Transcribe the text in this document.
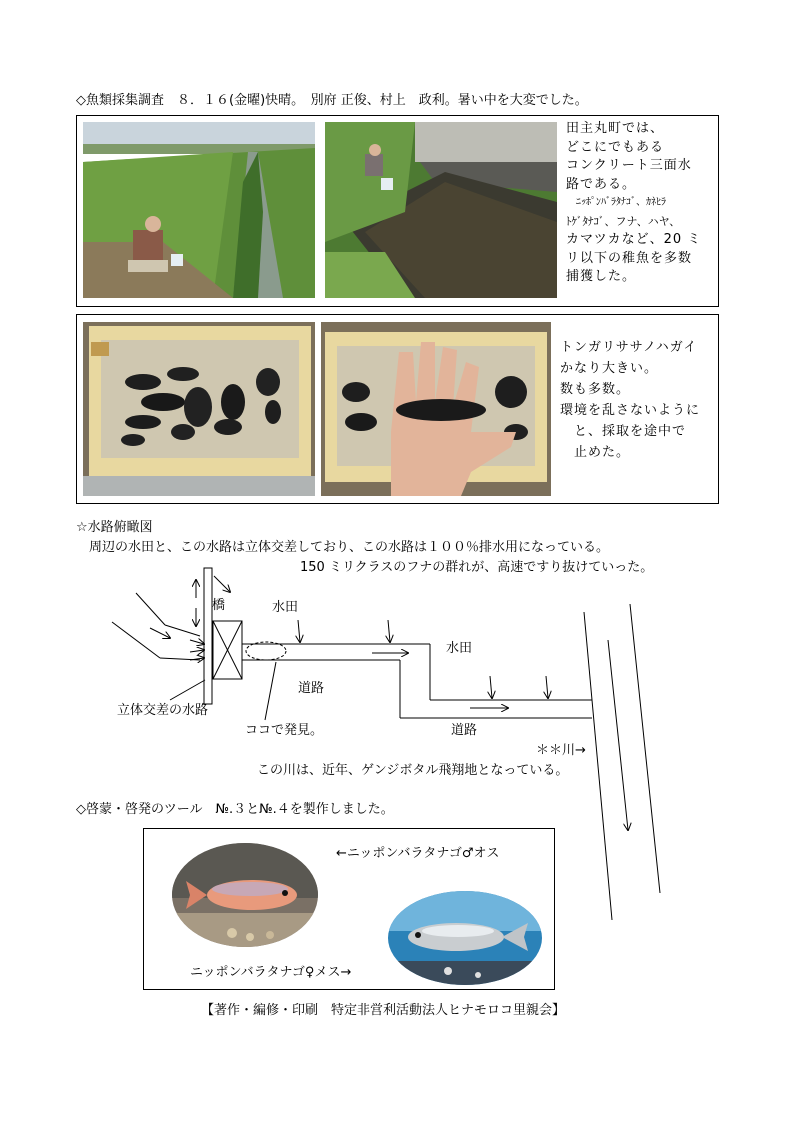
◇魚類採集調査　８．１６(金曜)快晴。　別府 正俊、村上　政利。暑い中を大変でした。
田主丸町では、
どこにでもある
コンクリート三面水
路である。
　ﾆｯﾎﾟﾝﾊﾞﾗﾀﾅｺﾞ、ｶﾈﾋﾗ
ﾄｹﾞﾀﾅｺﾞ、フナ、ハヤ、
カマツカなど、20 ミ
リ以下の稚魚を多数
捕獲した。
トンガリササノハガイ
かなり大きい。
数も多数。
環境を乱さないように
　と、採取を途中で
　止めた。
☆水路俯瞰図
　周辺の水田と、この水路は立体交差しており、この水路は１００％排水用になっている。
150 ミリクラスのフナの群れが、高速ですり抜けていった。
橋	水田
水田
道路
道路
立体交差の水路
ココで発見。
＊＊川→
この川は、近年、ゲンジボタル飛翔地となっている。
◇啓蒙・啓発のツール　№.３と№.４を製作しました。
←ニッポンバラタナゴ♂オス
ニッポンバラタナゴ♀メス→
【著作・編修・印刷　特定非営利活動法人ヒナモロコ里親会】
